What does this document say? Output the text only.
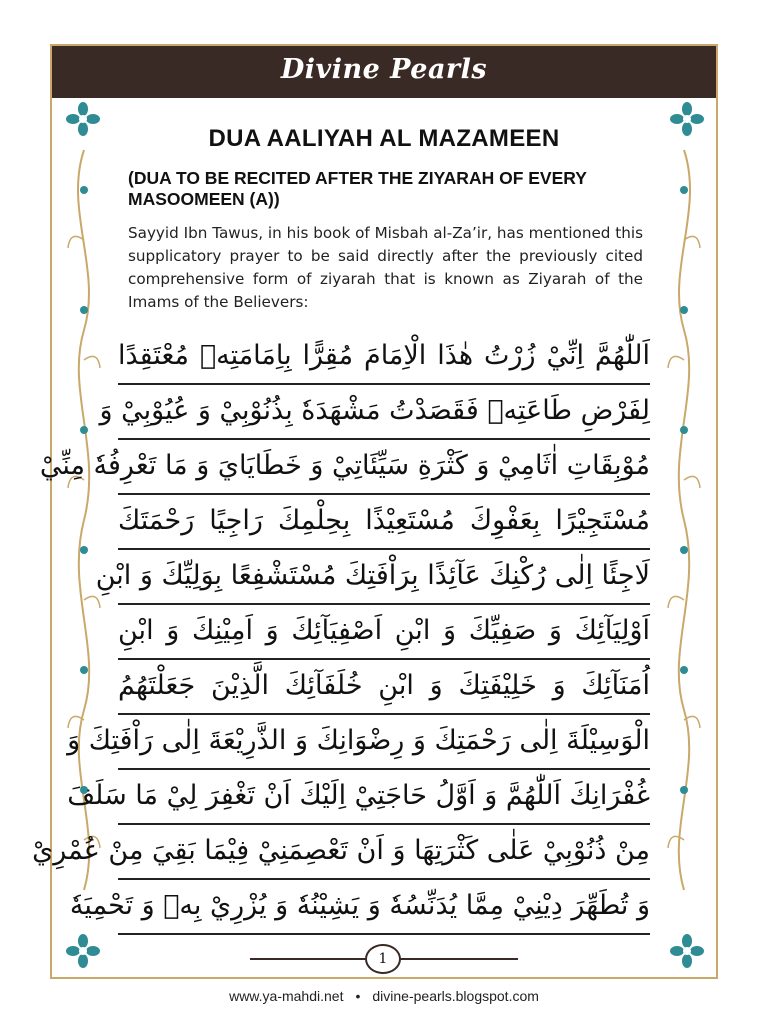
Divine Pearls
DUA AALIYAH AL MAZAMEEN
(DUA TO BE RECITED AFTER THE ZIYARAH OF EVERY MASOOMEEN (A))
Sayyid Ibn Tawus, in his book of Misbah al-Za’ir, has mentioned this supplicatory prayer to be said directly after the previously cited comprehensive form of ziyarah that is known as Ziyarah of the Imams of the Believers:
اَللّٰهُمَّ اِنِّيْ زُرْتُ هٰذَا الْاِمَامَ مُقِرًّا بِاِمَامَتِهٖ مُعْتَقِدًا
لِفَرْضِ طَاعَتِهٖ فَقَصَدْتُ مَشْهَدَهٗ بِذُنُوْبِيْ وَ عُيُوْبِيْ وَ
مُوْبِقَاتِ اٰثَامِيْ وَ كَثْرَةِ سَيِّئَاتِيْ وَ خَطَايَايَ وَ مَا تَعْرِفُهٗ مِنِّيْ
مُسْتَجِيْرًا بِعَفْوِكَ مُسْتَعِيْذًا بِحِلْمِكَ رَاجِيًا رَحْمَتَكَ
لَاجِئًا اِلٰى رُكْنِكَ عَآئِذًا بِرَاْفَتِكَ مُسْتَشْفِعًا بِوَلِيِّكَ وَ ابْنِ
اَوْلِيَآئِكَ وَ صَفِيِّكَ وَ ابْنِ اَصْفِيَآئِكَ وَ اَمِيْنِكَ وَ ابْنِ
اُمَنَآئِكَ وَ خَلِيْفَتِكَ وَ ابْنِ خُلَفَآئِكَ الَّذِيْنَ جَعَلْتَهُمُ
الْوَسِيْلَةَ اِلٰى رَحْمَتِكَ وَ رِضْوَانِكَ وَ الذَّرِيْعَةَ اِلٰى رَاْفَتِكَ وَ
غُفْرَانِكَ اَللّٰهُمَّ وَ اَوَّلُ حَاجَتِيْ اِلَيْكَ اَنْ تَغْفِرَ لِيْ مَا سَلَفَ
مِنْ ذُنُوْبِيْ عَلٰى كَثْرَتِهَا وَ اَنْ تَعْصِمَنِيْ فِيْمَا بَقِيَ مِنْ عُمْرِيْ
وَ تُطَهِّرَ دِيْنِيْ مِمَّا يُدَنِّسُهٗ وَ يَشِيْنُهٗ وَ يُزْرِيْ بِهٖ وَ تَحْمِيَهٗ
1
www.ya-mahdi.net • divine-pearls.blogspot.com
